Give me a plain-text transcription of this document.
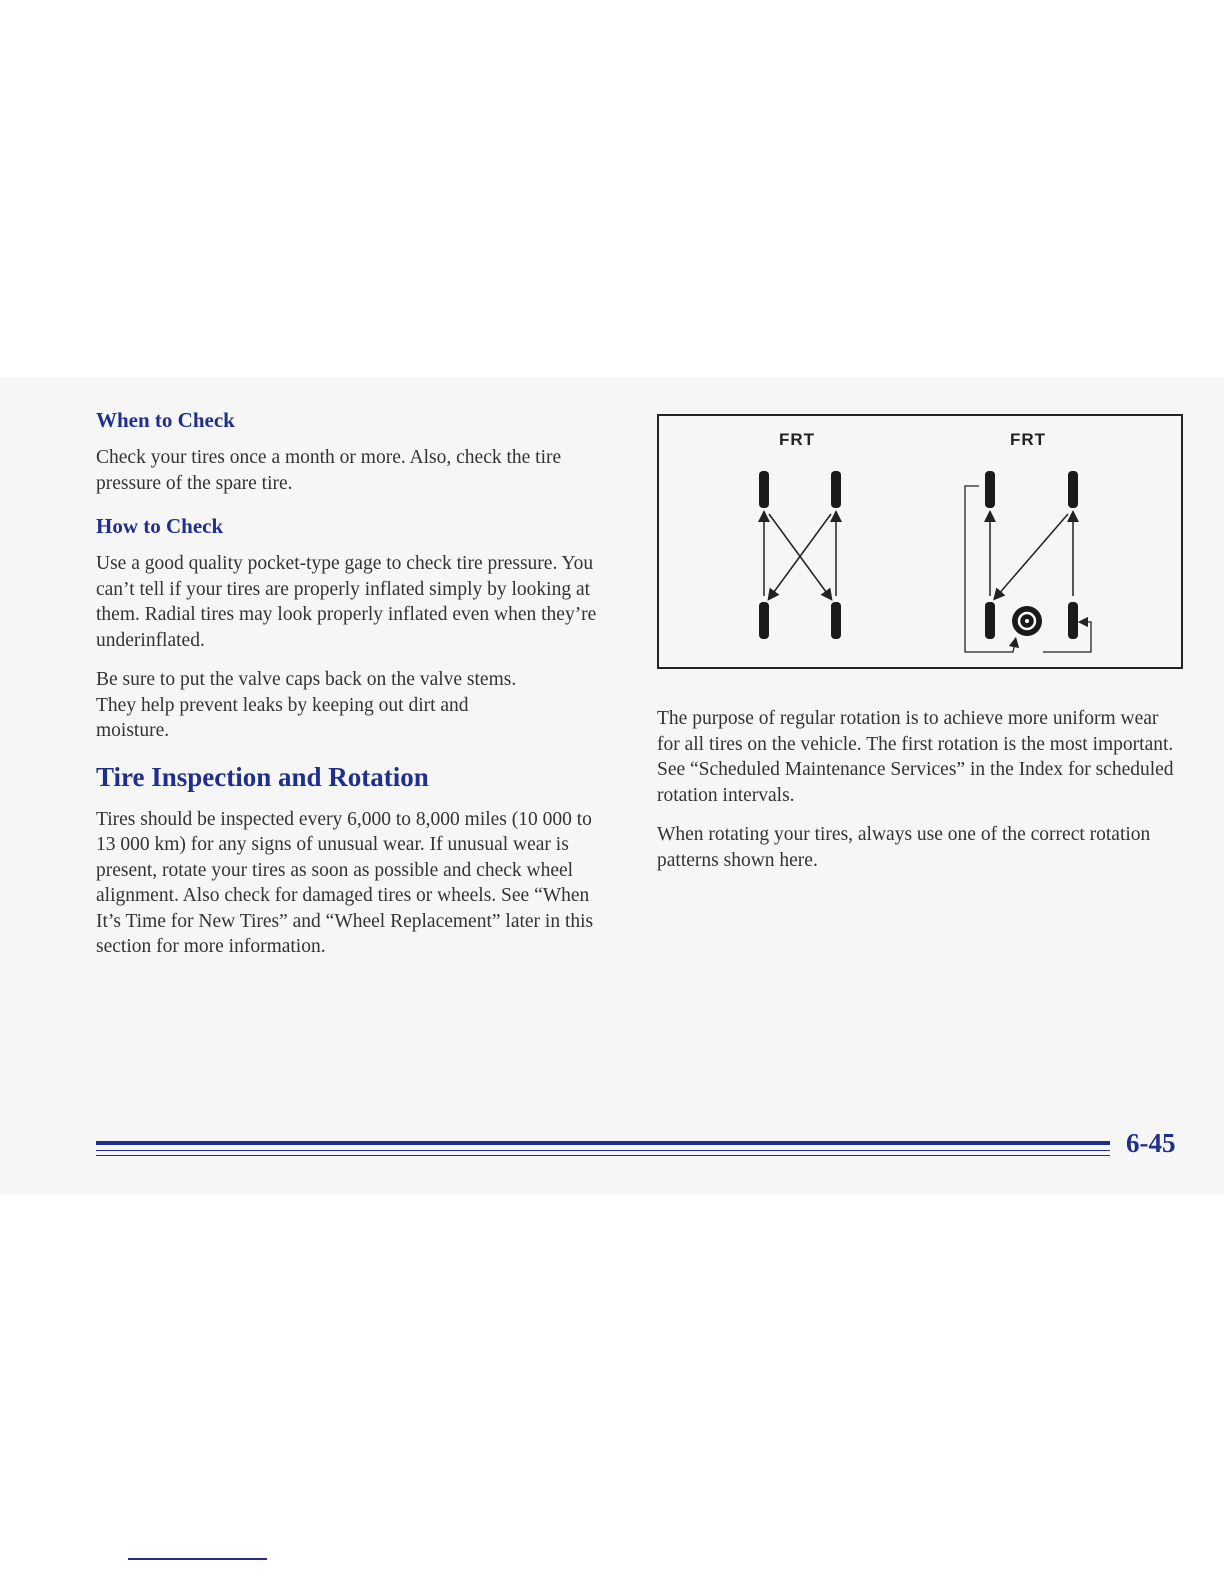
When to Check

Check your tires once a month or more. Also, check the tire pressure of the spare tire.

How to Check

Use a good quality pocket-type gage to check tire pressure. You can’t tell if your tires are properly inflated simply by looking at them. Radial tires may look properly inflated even when they’re underinflated.

Be sure to put the valve caps back on the valve stems. They help prevent leaks by keeping out dirt and moisture.

Tire Inspection and Rotation

Tires should be inspected every 6,000 to 8,000 miles (10 000 to 13 000 km) for any signs of unusual wear. If unusual wear is present, rotate your tires as soon as possible and check wheel alignment. Also check for damaged tires or wheels. See “When It’s Time for New Tires” and “Wheel Replacement” later in this section for more information.

FRT	FRT

The purpose of regular rotation is to achieve more uniform wear for all tires on the vehicle. The first rotation is the most important. See “Scheduled Maintenance Services” in the Index for scheduled rotation intervals.

When rotating your tires, always use one of the correct rotation patterns shown here.

6-45
